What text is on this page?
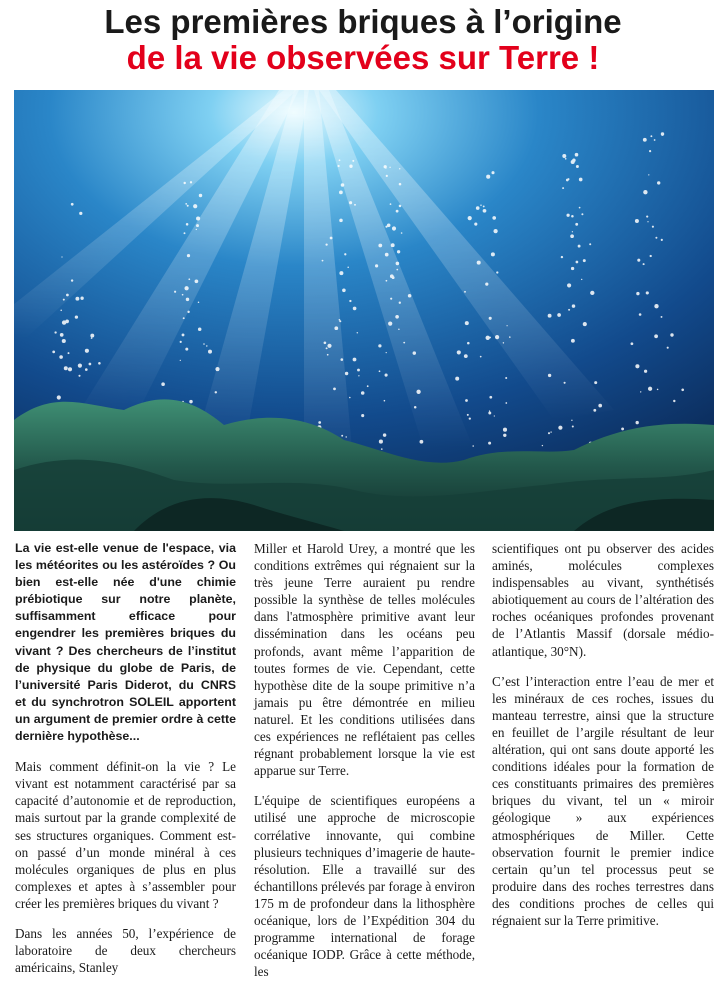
Les premières briques à l’origine
de la vie observées sur Terre !

La vie est-elle venue de l'espace, via les météorites ou les astéroïdes ? Ou bien est-elle née d'une chimie prébiotique sur notre planète, suffisamment efficace pour engendrer les premières briques du vivant ? Des chercheurs de l’institut de physique du globe de Paris, de l’université Paris Diderot, du CNRS et du synchrotron SOLEIL apportent un argument de premier ordre à cette dernière hypothèse...

Mais comment définit-on la vie ? Le vivant est notamment caractérisé par sa capacité d’autonomie et de reproduction, mais surtout par la grande complexité de ses structures organiques. Comment est-on passé d’un monde minéral à ces molécules organiques de plus en plus complexes et aptes à s’assembler pour créer les premières briques du vivant ?

Dans les années 50, l’expérience de laboratoire de deux chercheurs américains, Stanley

Miller et Harold Urey, a montré que les conditions extrêmes qui régnaient sur la très jeune Terre auraient pu rendre possible la synthèse de telles molécules dans l'atmosphère primitive avant leur dissémination dans les océans peu profonds, avant même l’apparition de toutes formes de vie. Cependant, cette hypothèse dite de la soupe primitive n’a jamais pu être démontrée en milieu naturel. Et les conditions utilisées dans ces expériences ne reflétaient pas celles régnant probablement lorsque la vie est apparue sur Terre.

L'équipe de scientifiques européens a utilisé une approche de microscopie corrélative innovante, qui combine plusieurs techniques d’imagerie de haute-résolution. Elle a travaillé sur des échantillons prélevés par forage à environ 175 m de profondeur dans la lithosphère océanique, lors de l’Expédition 304 du programme international de forage océanique IODP. Grâce à cette méthode, les

scientifiques ont pu observer des acides aminés, molécules complexes indispensables au vivant, synthétisés abiotiquement au cours de l’altération des roches océaniques profondes provenant de l’Atlantis Massif (dorsale médio-atlantique, 30°N).

C’est l’interaction entre l’eau de mer et les minéraux de ces roches, issues du manteau terrestre, ainsi que la structure en feuillet de l’argile résultant de leur altération, qui ont sans doute apporté les conditions idéales pour la formation de ces constituants primaires des premières briques du vivant, tel un « miroir géologique » aux expériences atmosphériques de Miller. Cette observation fournit le premier indice certain qu’un tel processus peut se produire dans des roches terrestres dans des conditions proches de celles qui régnaient sur la Terre primitive.
